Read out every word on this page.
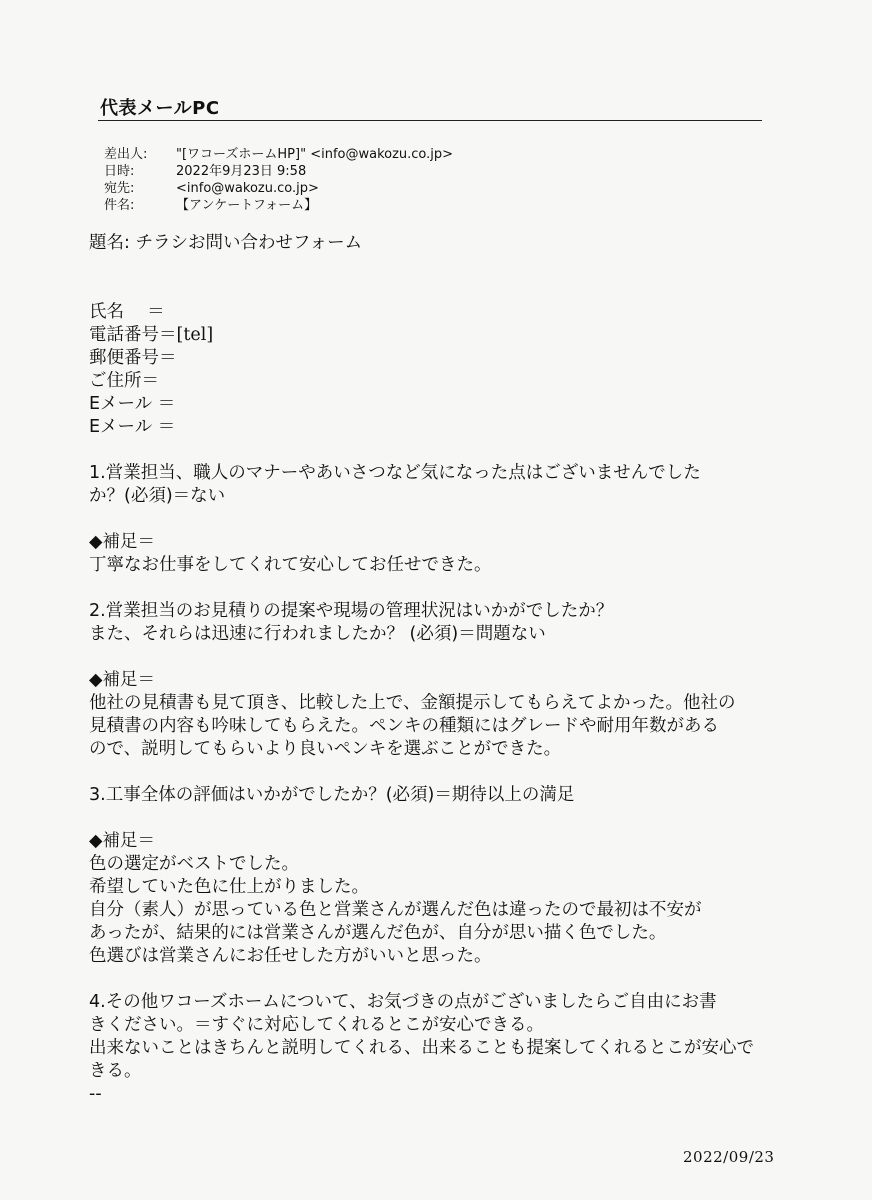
代表メールPC
差出人:	"[ワコーズホームHP]" <info@wakozu.co.jp>
日時:	2022年9月23日 9:58
宛先:	<info@wakozu.co.jp>
件名:	【アンケートフォーム】
題名: チラシお問い合わせフォーム
氏名　 ＝
電話番号＝[tel]
郵便番号＝
ご住所＝
Eメール ＝
Eメール ＝
1.営業担当、職人のマナーやあいさつなど気になった点はございませんでした
か？(必須)＝ない
◆補足＝
丁寧なお仕事をしてくれて安心してお任せできた。
2.営業担当のお見積りの提案や現場の管理状況はいかがでしたか？
また、それらは迅速に行われましたか？ (必須)＝問題ない
◆補足＝
他社の見積書も見て頂き、比較した上で、金額提示してもらえてよかった。他社の
見積書の内容も吟味してもらえた。ペンキの種類にはグレードや耐用年数がある
ので、説明してもらいより良いペンキを選ぶことができた。
3.工事全体の評価はいかがでしたか？(必須)＝期待以上の満足
◆補足＝
色の選定がベストでした。
希望していた色に仕上がりました。
自分（素人）が思っている色と営業さんが選んだ色は違ったので最初は不安が
あったが、結果的には営業さんが選んだ色が、自分が思い描く色でした。
色選びは営業さんにお任せした方がいいと思った。
4.その他ワコーズホームについて、お気づきの点がございましたらご自由にお書
きください。＝すぐに対応してくれるとこが安心できる。
出来ないことはきちんと説明してくれる、出来ることも提案してくれるとこが安心で
きる。
--
2022/09/23
